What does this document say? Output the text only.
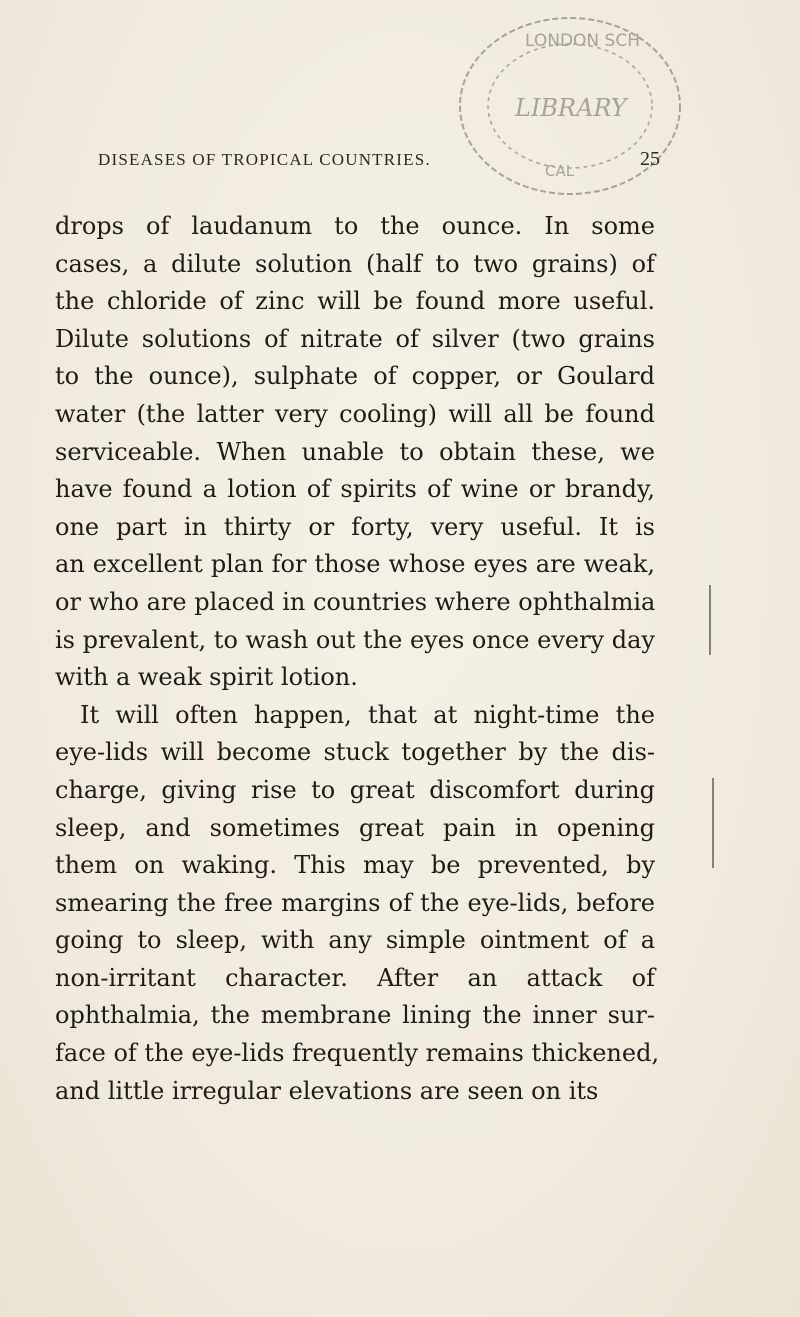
LONDON SCH
LIBRARY
CAL
DISEASES OF TROPICAL COUNTRIES.	25
drops of laudanum to the ounce. In some
cases, a dilute solution (half to two grains) of
the chloride of zinc will be found more useful.
Dilute solutions of nitrate of silver (two grains
to the ounce), sulphate of copper, or Goulard
water (the latter very cooling) will all be found
serviceable. When unable to obtain these, we
have found a lotion of spirits of wine or brandy,
one part in thirty or forty, very useful. It is
an excellent plan for those whose eyes are weak,
or who are placed in countries where ophthalmia
is prevalent, to wash out the eyes once every day
with a weak spirit lotion.
It will often happen, that at night-time the
eye-lids will become stuck together by the dis-
charge, giving rise to great discomfort during
sleep, and sometimes great pain in opening
them on waking. This may be prevented, by
smearing the free margins of the eye-lids, before
going to sleep, with any simple ointment of a
non-irritant character. After an attack of
ophthalmia, the membrane lining the inner sur-
face of the eye-lids frequently remains thickened,
and little irregular elevations are seen on its
